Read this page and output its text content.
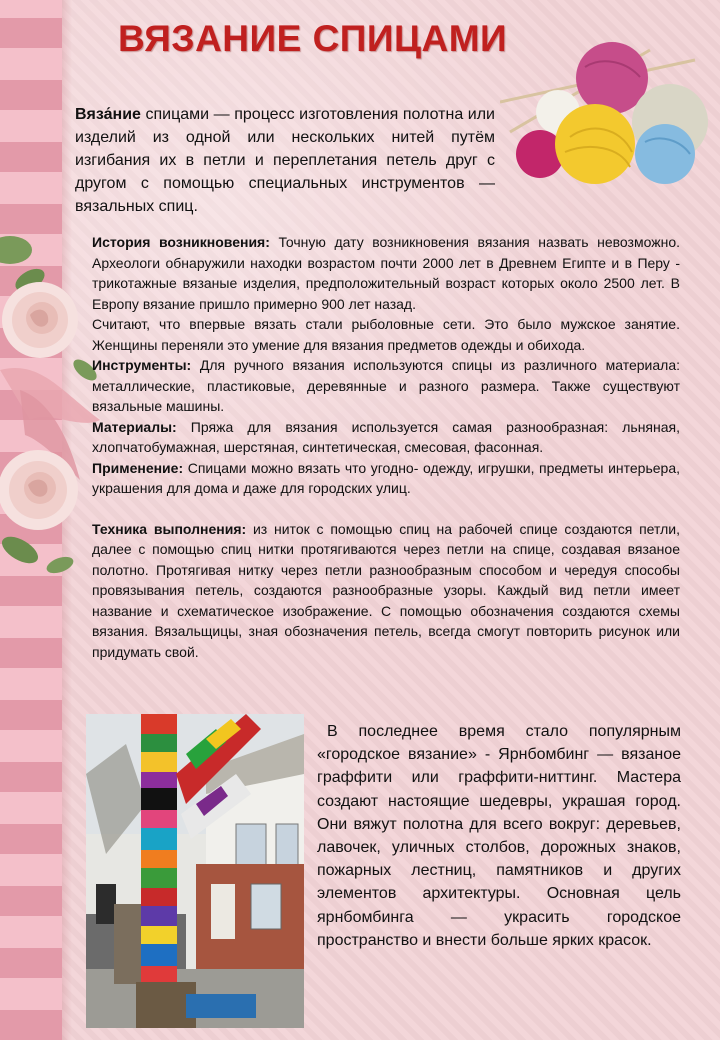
ВЯЗАНИЕ СПИЦАМИ
Вяза́ние спицами — процесс изготовления полотна или изделий из одной или нескольких нитей путём изгибания их в петли и переплетания петель друг с другом с помощью специальных инструментов — вязальных спиц.

История возникновения: Точную дату возникновения вязания назвать невозможно. Археологи обнаружили находки возрастом почти 2000 лет в Древнем Египте и в Перу - трикотажные вязаные изделия, предположительный возраст которых около 2500 лет. В Европу вязание пришло примерно 900 лет назад.

Считают, что впервые вязать стали рыболовные сети. Это было мужское занятие. Женщины переняли это умение для вязания предметов одежды и обихода.

Инструменты: Для ручного вязания используются спицы из различного материала: металлические, пластиковые, деревянные и разного размера. Также существуют вязальные машины.

Материалы: Пряжа для вязания используется самая разнообразная: льняная, хлопчатобумажная, шерстяная, синтетическая, смесовая, фасонная.

Применение: Спицами можно вязать что угодно- одежду, игрушки, предметы интерьера, украшения для дома и даже для городских улиц.

Техника выполнения: из ниток с помощью спиц на рабочей спице создаются петли, далее с помощью спиц нитки протягиваются через петли на спице, создавая вязаное полотно. Протягивая нитку через петли разнообразным способом и чередуя способы провязывания петель, создаются разнообразные узоры. Каждый вид петли имеет название и схематическое изображение. С помощью обозначения создаются схемы вязания. Вязальщицы, зная обозначения петель, всегда смогут повторить рисунок или придумать свой.

В последнее время стало популярным «городское вязание» - Ярнбомбинг — вязаное граффити или граффити-ниттинг. Мастера создают настоящие шедевры, украшая город. Они вяжут полотна для всего вокруг: деревьев, лавочек, уличных столбов, дорожных знаков, пожарных лестниц, памятников и других элементов архитектуры. Основная цель ярнбомбинга — украсить городское пространство и внести больше ярких красок.
